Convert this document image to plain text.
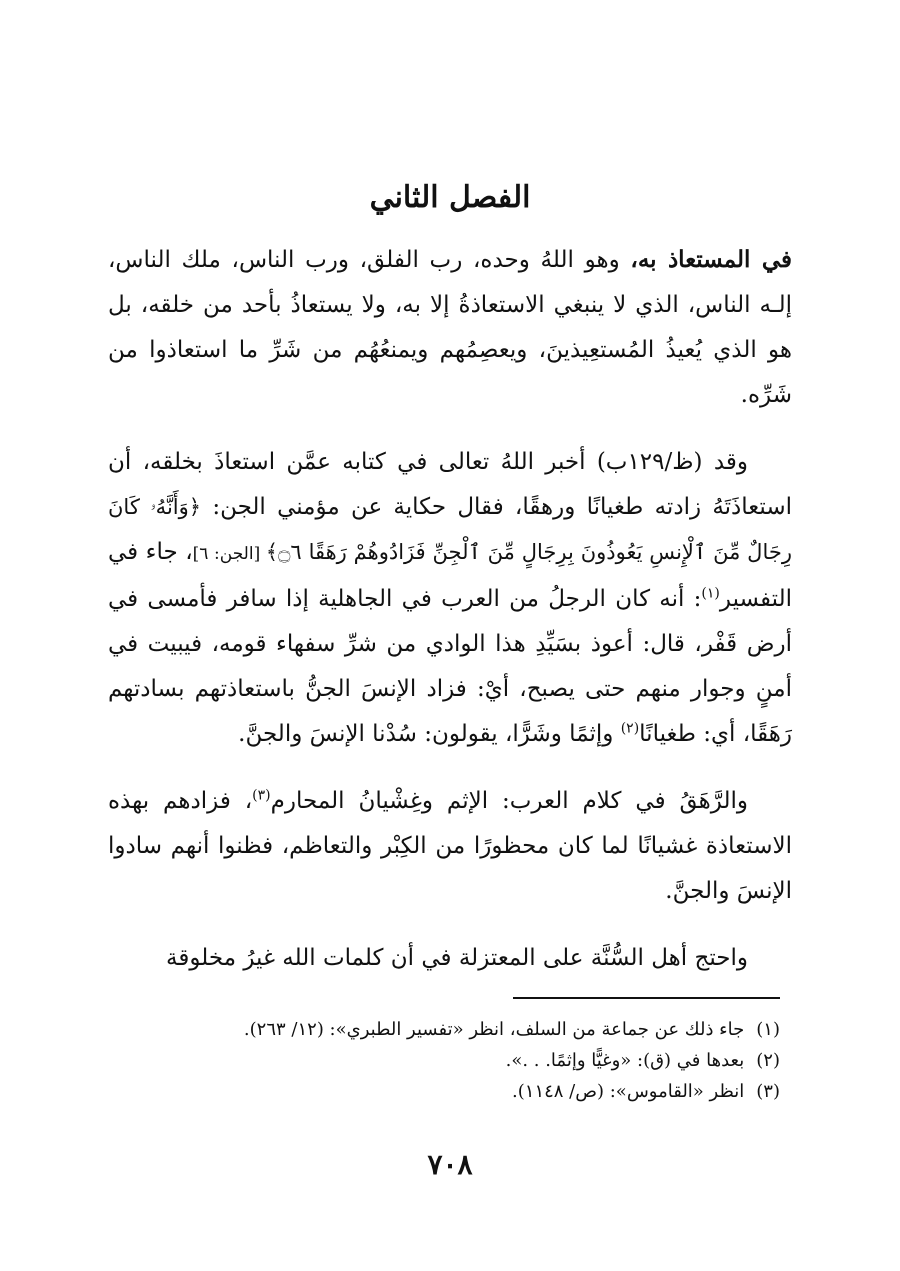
الفصل الثاني

في المستعاذ به، وهو اللهُ وحده، رب الفلق، ورب الناس، ملك الناس، إلـه الناس، الذي لا ينبغي الاستعاذةُ إلا به، ولا يستعاذُ بأحد من خلقه، بل هو الذي يُعيذُ المُستعِيذينَ، ويعصِمُهم ويمنعُهُم من شَرِّ ما استعاذوا من شَرِّه.

وقد (ظ/١٢٩ب) أخبر اللهُ تعالى في كتابه عمَّن استعاذَ بخلقه، أن استعاذَتَهُ زادته طغيانًا ورهقًا، فقال حكاية عن مؤمني الجن: ﴿وَأَنَّهُۥ كَانَ رِجَالٌ مِّنَ ٱلْإِنسِ يَعُوذُونَ بِرِجَالٍ مِّنَ ٱلْجِنِّ فَزَادُوهُمْ رَهَقًا ۝٦﴾ [الجن: ٦]، جاء في التفسير$^{(١)}$: أنه كان الرجلُ من العرب في الجاهلية إذا سافر فأمسى في أرض قَفْر، قال: أعوذ بسَيِّدِ هذا الوادي من شرِّ سفهاء قومه، فيبيت في أمنٍ وجوار منهم حتى يصبح، أيْ: فزاد الإنسَ الجنُّ باستعاذتهم بسادتهم رَهَقًا، أي: طغيانًا$^{(٢)}$ وإثمًا وشَرًّا، يقولون: سُدْنا الإنسَ والجنَّ.

والرَّهَقُ في كلام العرب: الإثم وغِشْيانُ المحارم$^{(٣)}$، فزادهم بهذه الاستعاذة غشيانًا لما كان محظورًا من الكِبْر والتعاظم، فظنوا أنهم سادوا الإنسَ والجنَّ.

واحتج أهل السُّنَّة على المعتزلة في أن كلمات الله غيرُ مخلوقة

(١)جاء ذلك عن جماعة من السلف، انظر «تفسير الطبري»: (١٢/ ٢٦٣).

(٢)بعدها في (ق): «وغيًّا وإثمًا. . .».

(٣)انظر «القاموس»: (ص/ ١١٤٨).

٧٠٨
